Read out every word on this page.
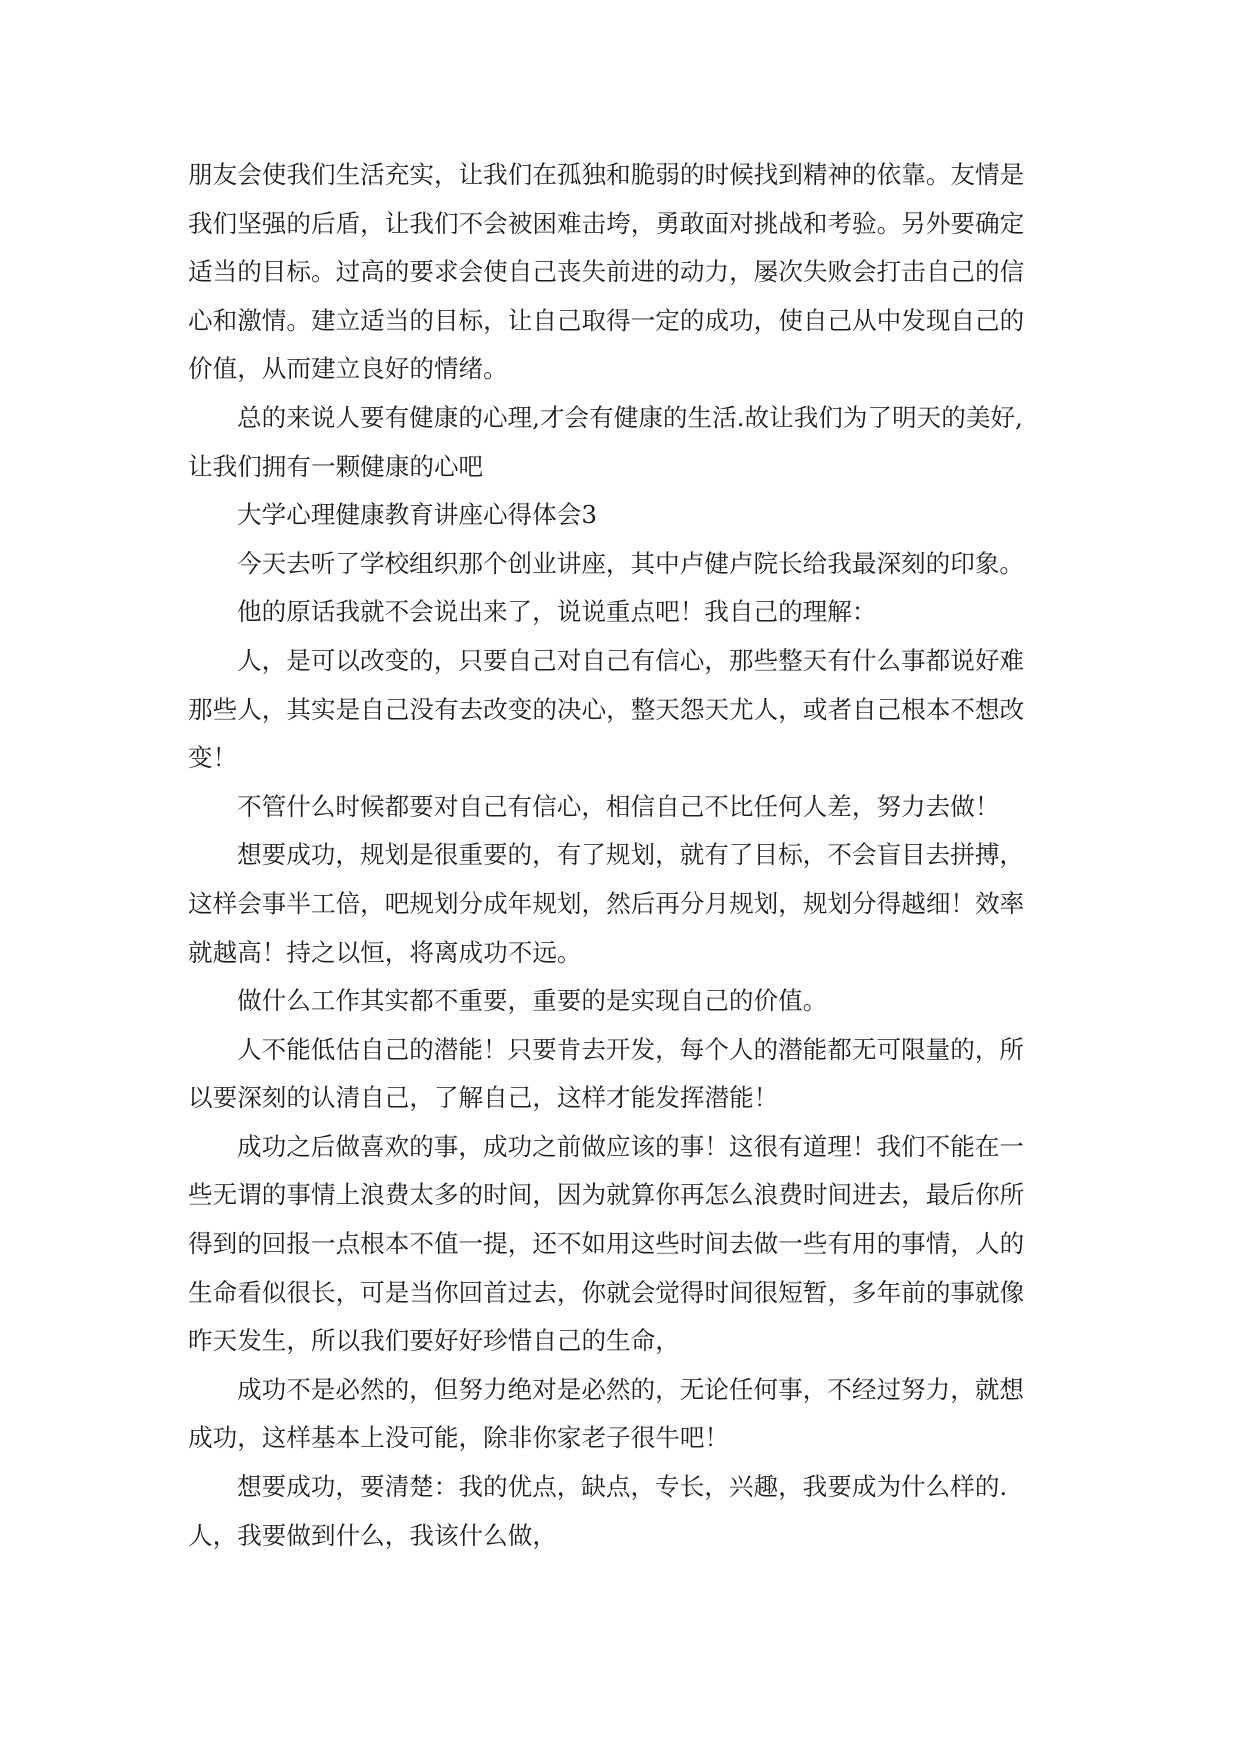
朋友会使我们生活充实，让我们在孤独和脆弱的时候找到精神的依靠。友情是
我们坚强的后盾，让我们不会被困难击垮，勇敢面对挑战和考验。另外要确定
适当的目标。过高的要求会使自己丧失前进的动力，屡次失败会打击自己的信
心和激情。建立适当的目标，让自己取得一定的成功，使自己从中发现自己的
价值，从而建立良好的情绪。
总的来说人要有健康的心理,才会有健康的生活.故让我们为了明天的美好,
让我们拥有一颗健康的心吧
大学心理健康教育讲座心得体会3
今天去听了学校组织那个创业讲座，其中卢健卢院长给我最深刻的印象。
他的原话我就不会说出来了，说说重点吧！我自己的理解：
人，是可以改变的，只要自己对自己有信心，那些整天有什么事都说好难
那些人，其实是自己没有去改变的决心，整天怨天尤人，或者自己根本不想改
变！
不管什么时候都要对自己有信心，相信自己不比任何人差，努力去做！
想要成功，规划是很重要的，有了规划，就有了目标，不会盲目去拼搏，
这样会事半工倍，吧规划分成年规划，然后再分月规划，规划分得越细！效率
就越高！持之以恒，将离成功不远。
做什么工作其实都不重要，重要的是实现自己的价值。
人不能低估自己的潜能！只要肯去开发，每个人的潜能都无可限量的，所
以要深刻的认清自己，了解自己，这样才能发挥潜能！
成功之后做喜欢的事，成功之前做应该的事！这很有道理！我们不能在一
些无谓的事情上浪费太多的时间，因为就算你再怎么浪费时间进去，最后你所
得到的回报一点根本不值一提，还不如用这些时间去做一些有用的事情，人的
生命看似很长，可是当你回首过去，你就会觉得时间很短暂，多年前的事就像
昨天发生，所以我们要好好珍惜自己的生命，
成功不是必然的，但努力绝对是必然的，无论任何事，不经过努力，就想
成功，这样基本上没可能，除非你家老子很牛吧！
想要成功，要清楚：我的优点，缺点，专长，兴趣，我要成为什么样的.
人，我要做到什么，我该什么做，
